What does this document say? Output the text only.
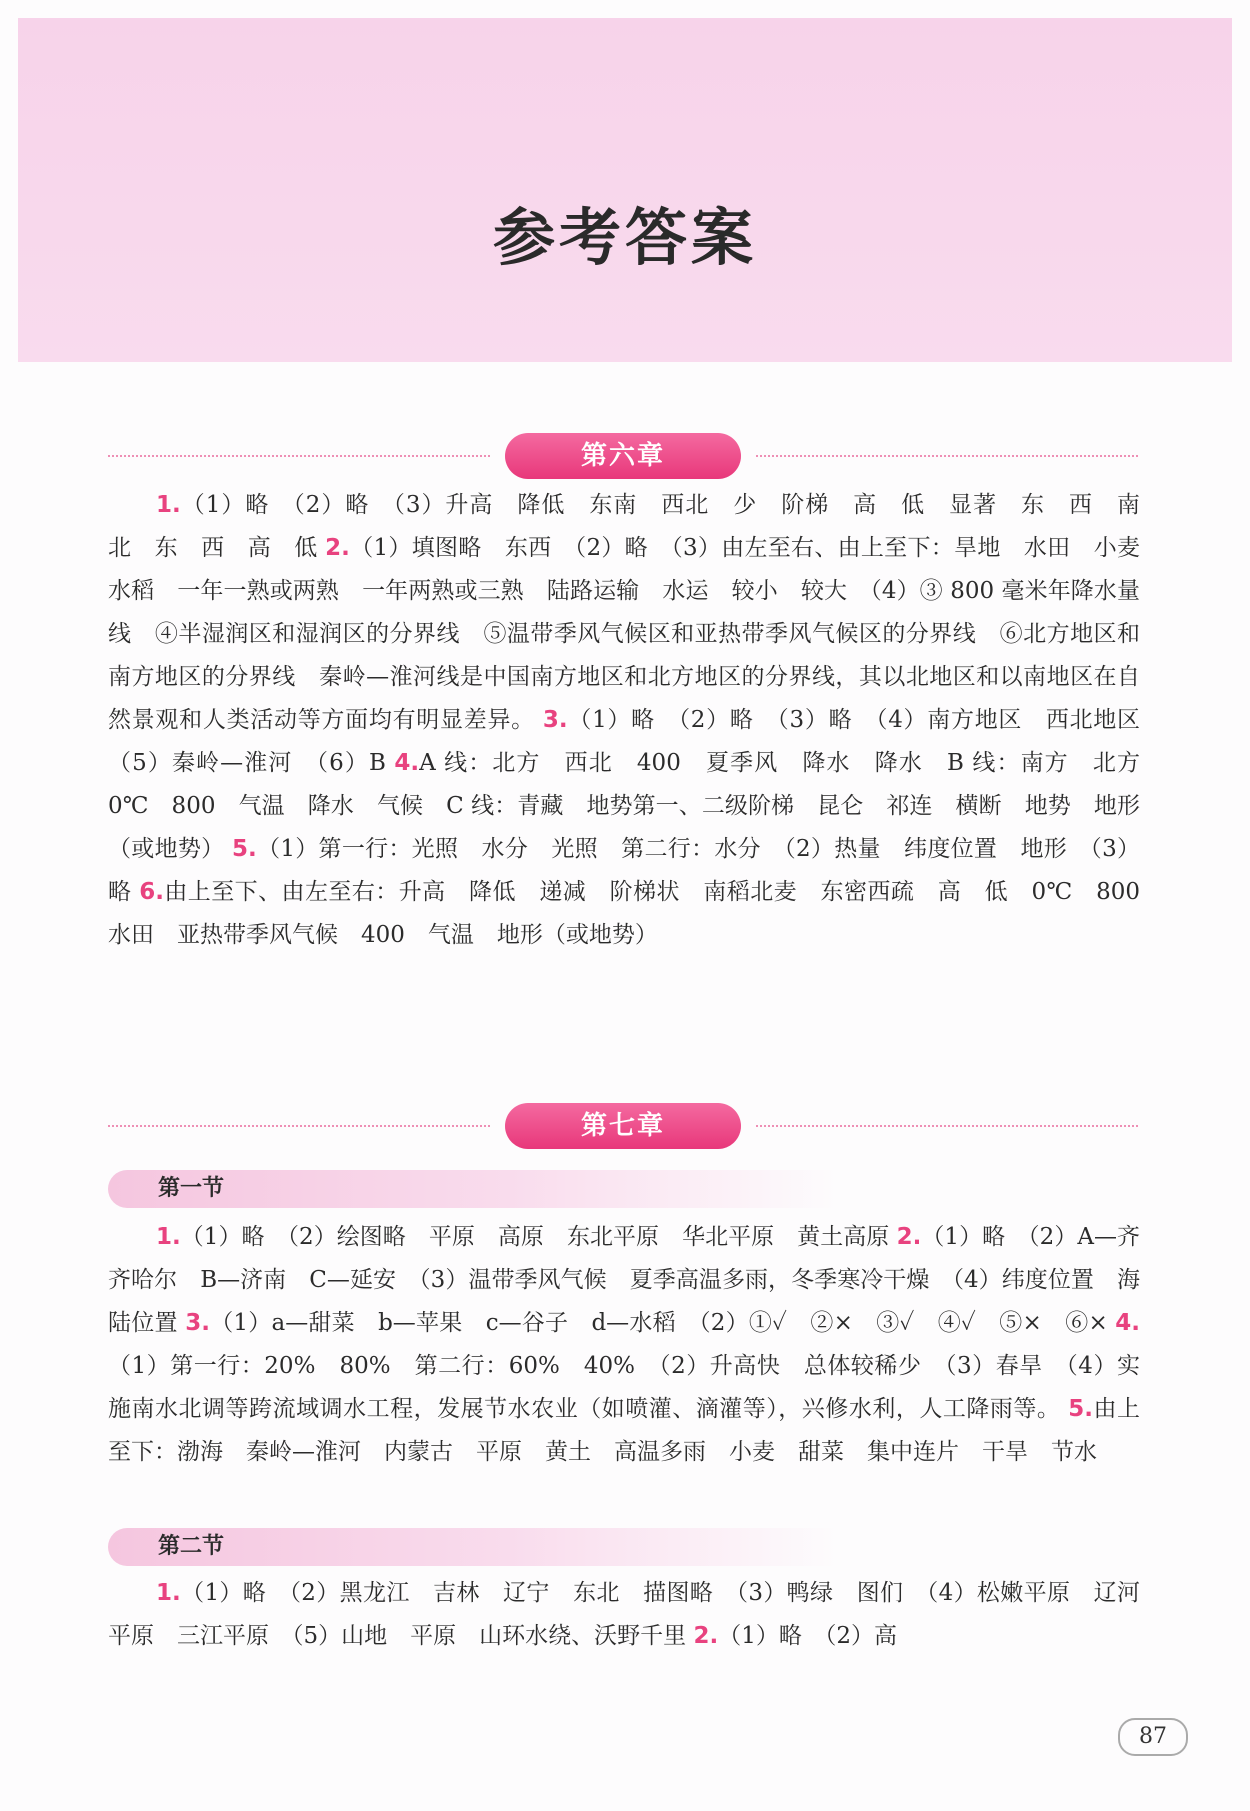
参考答案
第六章
1.（1）略　（2）略　（3）升高　降低　东南　西北　少　阶梯　高　低　显著　东　西　南　北　东　西　高　低 2.（1）填图略　东西　（2）略　（3）由左至右、由上至下：旱地　水田　小麦　水稻　一年一熟或两熟　一年两熟或三熟　陆路运输　水运　较小　较大　（4）③ 800 毫米年降水量线　④半湿润区和湿润区的分界线　⑤温带季风气候区和亚热带季风气候区的分界线　⑥北方地区和南方地区的分界线　秦岭—淮河线是中国南方地区和北方地区的分界线，其以北地区和以南地区在自然景观和人类活动等方面均有明显差异。 3.（1）略　（2）略　（3）略　（4）南方地区　西北地区　（5）秦岭—淮河　（6）B 4.A 线：北方　西北　400　夏季风　降水　降水　B 线：南方　北方　0℃　800　气温　降水　气候　C 线：青藏　地势第一、二级阶梯　昆仑　祁连　横断　地势　地形（或地势） 5.（1）第一行：光照　水分　光照　第二行：水分　（2）热量　纬度位置　地形　（3）略 6.由上至下、由左至右：升高　降低　递减　阶梯状　南稻北麦　东密西疏　高　低　0℃　800　水田　亚热带季风气候　400　气温　地形（或地势）
第七章
第一节
1.（1）略　（2）绘图略　平原　高原　东北平原　华北平原　黄土高原 2.（1）略　（2）A—齐齐哈尔　B—济南　C—延安　（3）温带季风气候　夏季高温多雨，冬季寒冷干燥　（4）纬度位置　海陆位置 3.（1）a—甜菜　b—苹果　c—谷子　d—水稻　（2）①✓　②×　③✓　④✓　⑤×　⑥× 4.（1）第一行：20%　80%　第二行：60%　40%　（2）升高快　总体较稀少　（3）春旱　（4）实施南水北调等跨流域调水工程，发展节水农业（如喷灌、滴灌等），兴修水利，人工降雨等。 5.由上至下：渤海　秦岭—淮河　内蒙古　平原　黄土　高温多雨　小麦　甜菜　集中连片　干旱　节水
第二节
1.（1）略　（2）黑龙江　吉林　辽宁　东北　描图略　（3）鸭绿　图们　（4）松嫩平原　辽河平原　三江平原　（5）山地　平原　山环水绕、沃野千里 2.（1）略　（2）高
87
